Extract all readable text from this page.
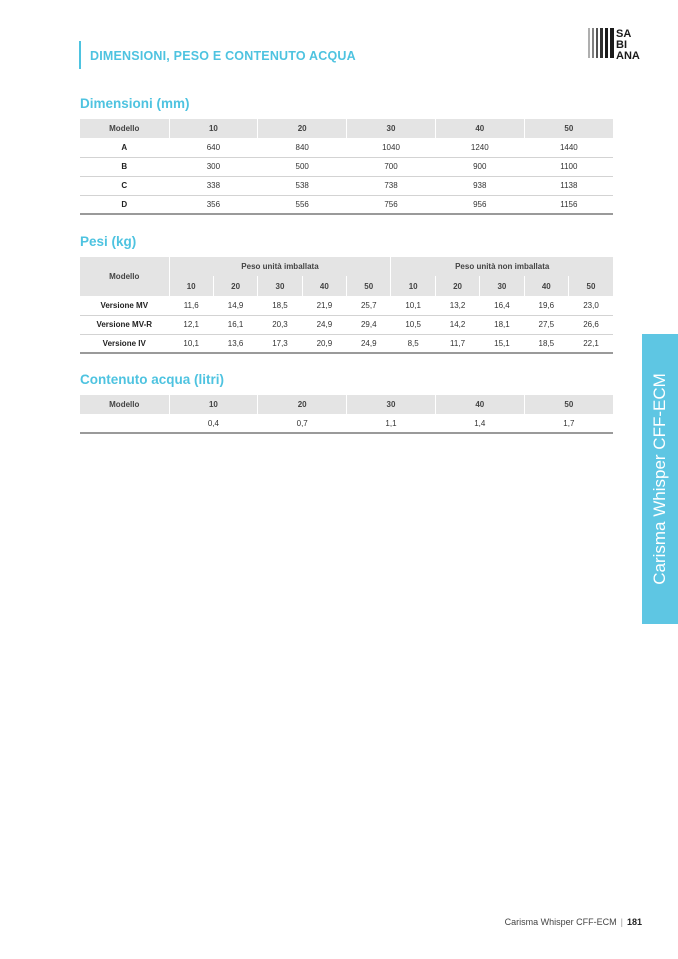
DIMENSIONI, PESO E CONTENUTO ACQUA
SA
BI
ANA
Dimensioni (mm)
Modello	10	20	30	40	50
A	640	840	1040	1240	1440
B	300	500	700	900	1100
C	338	538	738	938	1138
D	356	556	756	956	1156
Pesi (kg)
Modello	Peso unità imballata					Peso unità non imballata				
	10	20	30	40	50	10	20	30	40	50
Versione MV	11,6	14,9	18,5	21,9	25,7	10,1	13,2	16,4	19,6	23,0
Versione MV-R	12,1	16,1	20,3	24,9	29,4	10,5	14,2	18,1	27,5	26,6
Versione IV	10,1	13,6	17,3	20,9	24,9	8,5	11,7	15,1	18,5	22,1
Contenuto acqua (litri)
Modello	10	20	30	40	50
	0,4	0,7	1,1	1,4	1,7	Carisma Whisper CFF-ECM
Carisma Whisper CFF-ECM | 181
